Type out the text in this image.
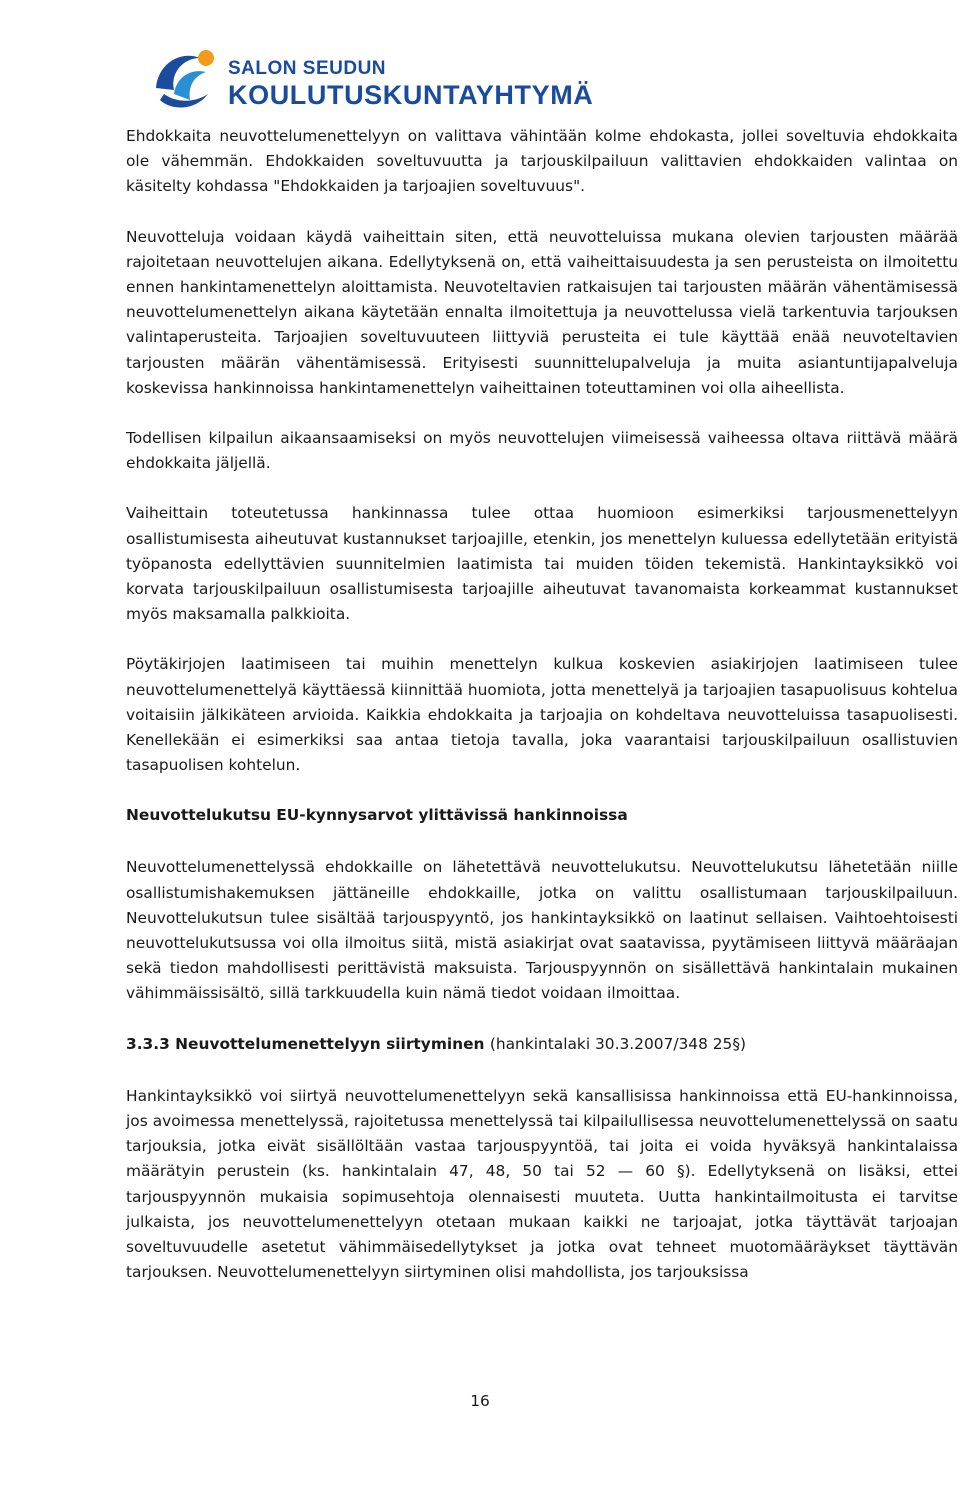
SALON SEUDUN
KOULUTUSKUNTAYHTYMÄ

Ehdokkaita neuvottelumenettelyyn on valittava vähintään kolme ehdokasta, jollei soveltuvia ehdokkaita ole vähemmän. Ehdokkaiden soveltuvuutta ja tarjouskilpailuun valittavien ehdokkaiden valintaa on käsitelty kohdassa "Ehdokkaiden ja tarjoajien soveltuvuus".

Neuvotteluja voidaan käydä vaiheittain siten, että neuvotteluissa mukana olevien tarjousten määrää rajoitetaan neuvottelujen aikana. Edellytyksenä on, että vaiheittaisuudesta ja sen perusteista on ilmoitettu ennen hankintamenettelyn aloittamista. Neuvoteltavien ratkaisujen tai tarjousten määrän vähentämisessä neuvottelumenettelyn aikana käytetään ennalta ilmoitettuja ja neuvottelussa vielä tarkentuvia tarjouksen valintaperusteita. Tarjoajien soveltuvuuteen liittyviä perusteita ei tule käyttää enää neuvoteltavien tarjousten määrän vähentämisessä. Erityisesti suunnittelupalveluja ja muita asiantuntijapalveluja koskevissa hankinnoissa hankintamenettelyn vaiheittainen toteuttaminen voi olla aiheellista.

Todellisen kilpailun aikaansaamiseksi on myös neuvottelujen viimeisessä vaiheessa oltava riittävä määrä ehdokkaita jäljellä.

Vaiheittain toteutetussa hankinnassa tulee ottaa huomioon esimerkiksi tarjousmenettelyyn osallistumisesta aiheutuvat kustannukset tarjoajille, etenkin, jos menettelyn kuluessa edellytetään erityistä työpanosta edellyttävien suunnitelmien laatimista tai muiden töiden tekemistä. Hankintayksikkö voi korvata tarjouskilpailuun osallistumisesta tarjoajille aiheutuvat tavanomaista korkeammat kustannukset myös maksamalla palkkioita.

Pöytäkirjojen laatimiseen tai muihin menettelyn kulkua koskevien asiakirjojen laatimiseen tulee neuvottelumenettelyä käyttäessä kiinnittää huomiota, jotta menettelyä ja tarjoajien tasapuolisuus kohtelua voitaisiin jälkikäteen arvioida. Kaikkia ehdokkaita ja tarjoajia on kohdeltava neuvotteluissa tasapuolisesti. Kenellekään ei esimerkiksi saa antaa tietoja tavalla, joka vaarantaisi tarjouskilpailuun osallistuvien tasapuolisen kohtelun.

Neuvottelukutsu EU-kynnysarvot ylittävissä hankinnoissa

Neuvottelumenettelyssä ehdokkaille on lähetettävä neuvottelukutsu. Neuvottelukutsu lähetetään niille osallistumishakemuksen jättäneille ehdokkaille, jotka on valittu osallistumaan tarjouskilpailuun. Neuvottelukutsun tulee sisältää tarjouspyyntö, jos hankintayksikkö on laatinut sellaisen. Vaihtoehtoisesti neuvottelukutsussa voi olla ilmoitus siitä, mistä asiakirjat ovat saatavissa, pyytämiseen liittyvä määräajan sekä tiedon mahdollisesti perittävistä maksuista. Tarjouspyynnön on sisällettävä hankintalain mukainen vähimmäissisältö, sillä tarkkuudella kuin nämä tiedot voidaan ilmoittaa.

3.3.3 Neuvottelumenettelyyn siirtyminen (hankintalaki 30.3.2007/348 25§)

Hankintayksikkö voi siirtyä neuvottelumenettelyyn sekä kansallisissa hankinnoissa että EU-hankinnoissa, jos avoimessa menettelyssä, rajoitetussa menettelyssä tai kilpailullisessa neuvottelumenettelyssä on saatu tarjouksia, jotka eivät sisällöltään vastaa tarjouspyyntöä, tai joita ei voida hyväksyä hankintalaissa määrätyin perustein (ks. hankintalain 47, 48, 50 tai 52 — 60 §). Edellytyksenä on lisäksi, ettei tarjouspyynnön mukaisia sopimusehtoja olennaisesti muuteta. Uutta hankintailmoitusta ei tarvitse julkaista, jos neuvottelumenettelyyn otetaan mukaan kaikki ne tarjoajat, jotka täyttävät tarjoajan soveltuvuudelle asetetut vähimmäisedellytykset ja jotka ovat tehneet muotomääräykset täyttävän tarjouksen. Neuvottelumenettelyyn siirtyminen olisi mahdollista, jos tarjouksissa

16
